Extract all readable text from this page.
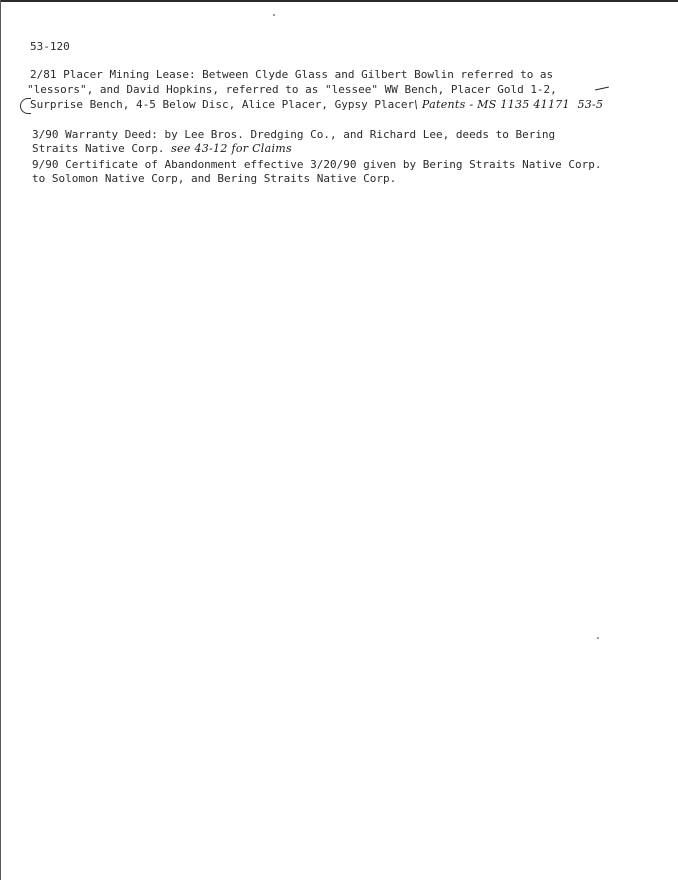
53-120
2/81 Placer Mining Lease: Between Clyde Glass and Gilbert Bowlin referred to as
"lessors", and David Hopkins, referred to as "lessee" WW Bench, Placer Gold 1-2,
Surprise Bench, 4-5 Below Disc, Alice Placer, Gypsy Placer\ Patents - MS 1135 41171  53-5
3/90 Warranty Deed: by Lee Bros. Dredging Co., and Richard Lee, deeds to Bering
Straits Native Corp. see 43-12 for Claims
9/90 Certificate of Abandonment effective 3/20/90 given by Bering Straits Native Corp.
to Solomon Native Corp, and Bering Straits Native Corp.
